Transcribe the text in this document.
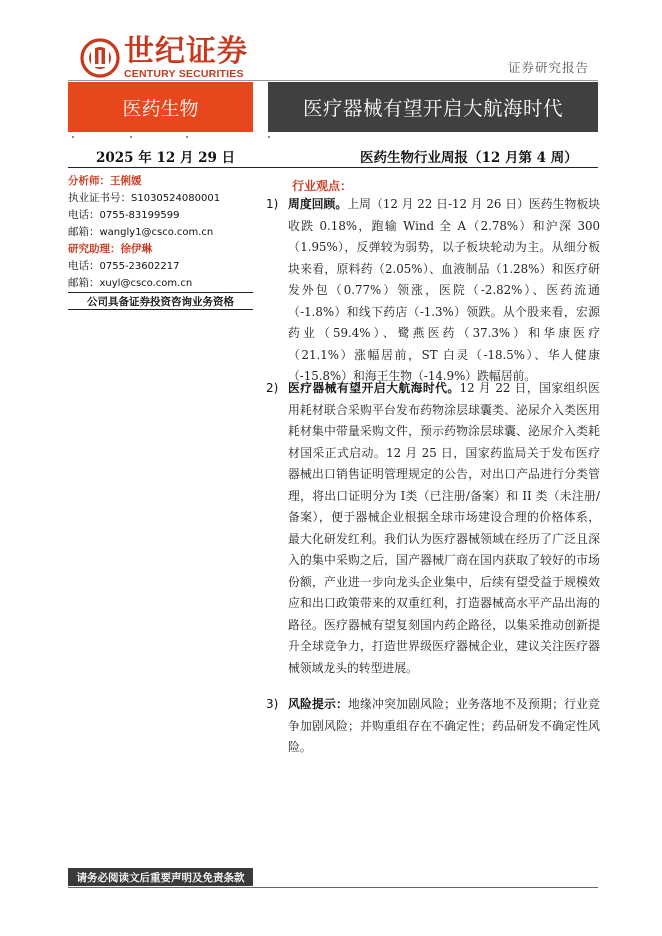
世纪证券
CENTURY SECURITIES	证券研究报告
医药生物	医疗器械有望开启大航海时代
2025 年 12 月 29 日	医药生物行业周报（12 月第 4 周）
分析师：王俐媛
执业证书号：S1030524080001
电话：0755-83199599
邮箱：wangly1@csco.com.cn
研究助理：徐伊琳
电话：0755-23602217
邮箱：xuyl@csco.com.cn
公司具备证券投资咨询业务资格
行业观点：
1) 周度回顾。上周（12 月 22 日-12 月 26 日）医药生物板块收跌 0.18%，跑输 Wind 全 A（2.78%）和沪深 300（1.95%），反弹较为弱势，以子板块轮动为主。从细分板块来看，原料药（2.05%）、血液制品（1.28%）和医疗研发外包（0.77%）领涨，医院（-2.82%）、医药流通（-1.8%）和线下药店（-1.3%）领跌。从个股来看，宏源药业（59.4%）、鹭燕医药（37.3%）和华康医疗（21.1%）涨幅居前，ST 白灵（-18.5%）、华人健康（-15.8%）和海王生物（-14.9%）跌幅居前。
2) 医疗器械有望开启大航海时代。12 月 22 日，国家组织医用耗材联合采购平台发布药物涂层球囊类、泌尿介入类医用耗材集中带量采购文件，预示药物涂层球囊、泌尿介入类耗材国采正式启动。12 月 25 日，国家药监局关于发布医疗器械出口销售证明管理规定的公告，对出口产品进行分类管理，将出口证明分为 I类（已注册/备案）和 II 类（未注册/备案），便于器械企业根据全球市场建设合理的价格体系，最大化研发红利。我们认为医疗器械领域在经历了广泛且深入的集中采购之后，国产器械厂商在国内获取了较好的市场份额，产业进一步向龙头企业集中，后续有望受益于规模效应和出口政策带来的双重红利，打造器械高水平产品出海的路径。医疗器械有望复刻国内药企路径，以集采推动创新提升全球竞争力，打造世界级医疗器械企业，建议关注医疗器械领域龙头的转型进展。
3) 风险提示：地缘冲突加剧风险；业务落地不及预期；行业竞争加剧风险；并购重组存在不确定性；药品研发不确定性风险。
请务必阅读文后重要声明及免责条款
